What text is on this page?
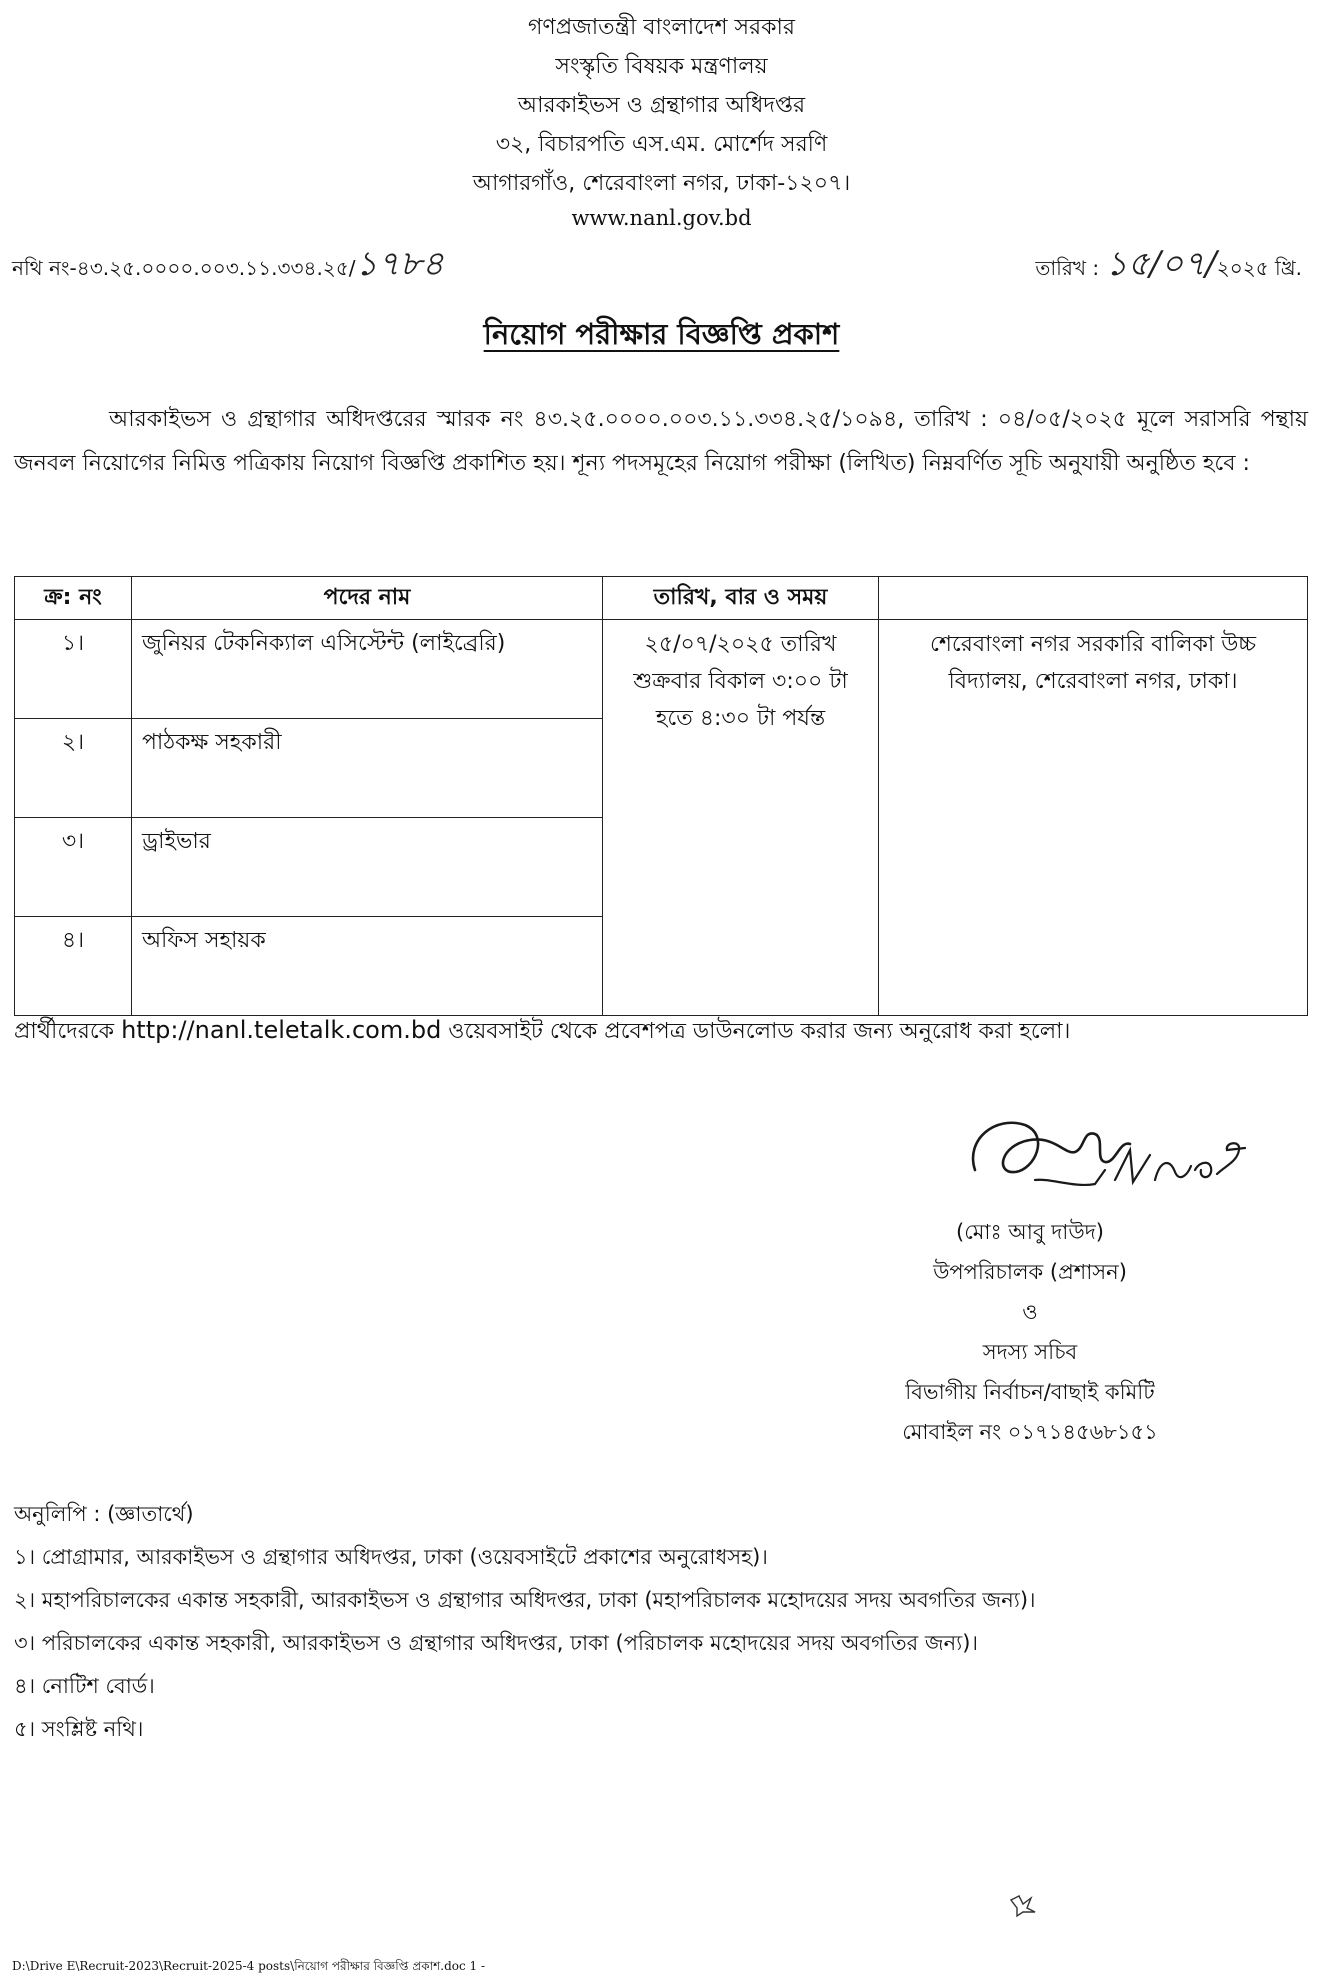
গণপ্রজাতন্ত্রী বাংলাদেশ সরকার
সংস্কৃতি বিষয়ক মন্ত্রণালয়
আরকাইভস ও গ্রন্থাগার অধিদপ্তর
৩২, বিচারপতি এস.এম. মোর্শেদ সরণি
আগারগাঁও, শেরেবাংলা নগর, ঢাকা-১২০৭।
www.nanl.gov.bd
নথি নং-৪৩.২৫.০০০০.০০৩.১১.৩৩৪.২৫/১৭৮৪	তারিখ : ১৫/০৭/২০২৫ খ্রি.
নিয়োগ পরীক্ষার বিজ্ঞপ্তি প্রকাশ
আরকাইভস ও গ্রন্থাগার অধিদপ্তরের স্মারক নং ৪৩.২৫.০০০০.০০৩.১১.৩৩৪.২৫/১০৯৪, তারিখ : ০৪/০৫/২০২৫ মূলে সরাসরি পন্থায় জনবল নিয়োগের নিমিত্ত পত্রিকায় নিয়োগ বিজ্ঞপ্তি প্রকাশিত হয়। শূন্য পদসমূহের নিয়োগ পরীক্ষা (লিখিত) নিম্নবর্ণিত সূচি অনুযায়ী অনুষ্ঠিত হবে :
ক্র: নং	পদের নাম	তারিখ, বার ও সময়	
১।	জুনিয়র টেকনিক্যাল এসিস্টেন্ট (লাইব্রেরি)	২৫/০৭/২০২৫ তারিখ শুক্রবার বিকাল ৩:০০ টা হতে ৪:৩০ টা পর্যন্ত	শেরেবাংলা নগর সরকারি বালিকা উচ্চ বিদ্যালয়, শেরেবাংলা নগর, ঢাকা।
২।	পাঠকক্ষ সহকারী		
৩।	ড্রাইভার		
৪।	অফিস সহায়ক		
প্রার্থীদেরকে http://nanl.teletalk.com.bd ওয়েবসাইট থেকে প্রবেশপত্র ডাউনলোড করার জন্য অনুরোধ করা হলো।
(মোঃ আবু দাউদ)
উপপরিচালক (প্রশাসন)
ও
সদস্য সচিব
বিভাগীয় নির্বাচন/বাছাই কমিটি
মোবাইল নং ০১৭১৪৫৬৮১৫১
অনুলিপি : (জ্ঞাতার্থে)
১। প্রোগ্রামার, আরকাইভস ও গ্রন্থাগার অধিদপ্তর, ঢাকা (ওয়েবসাইটে প্রকাশের অনুরোধসহ)।
২। মহাপরিচালকের একান্ত সহকারী, আরকাইভস ও গ্রন্থাগার অধিদপ্তর, ঢাকা (মহাপরিচালক মহোদয়ের সদয় অবগতির জন্য)।
৩। পরিচালকের একান্ত সহকারী, আরকাইভস ও গ্রন্থাগার অধিদপ্তর, ঢাকা (পরিচালক মহোদয়ের সদয় অবগতির জন্য)।
৪। নোটিশ বোর্ড।
৫। সংশ্লিষ্ট নথি।
D:\Drive E\Recruit-2023\Recruit-2025-4 posts\নিয়োগ পরীক্ষার বিজ্ঞপ্তি প্রকাশ.doc 1 -
